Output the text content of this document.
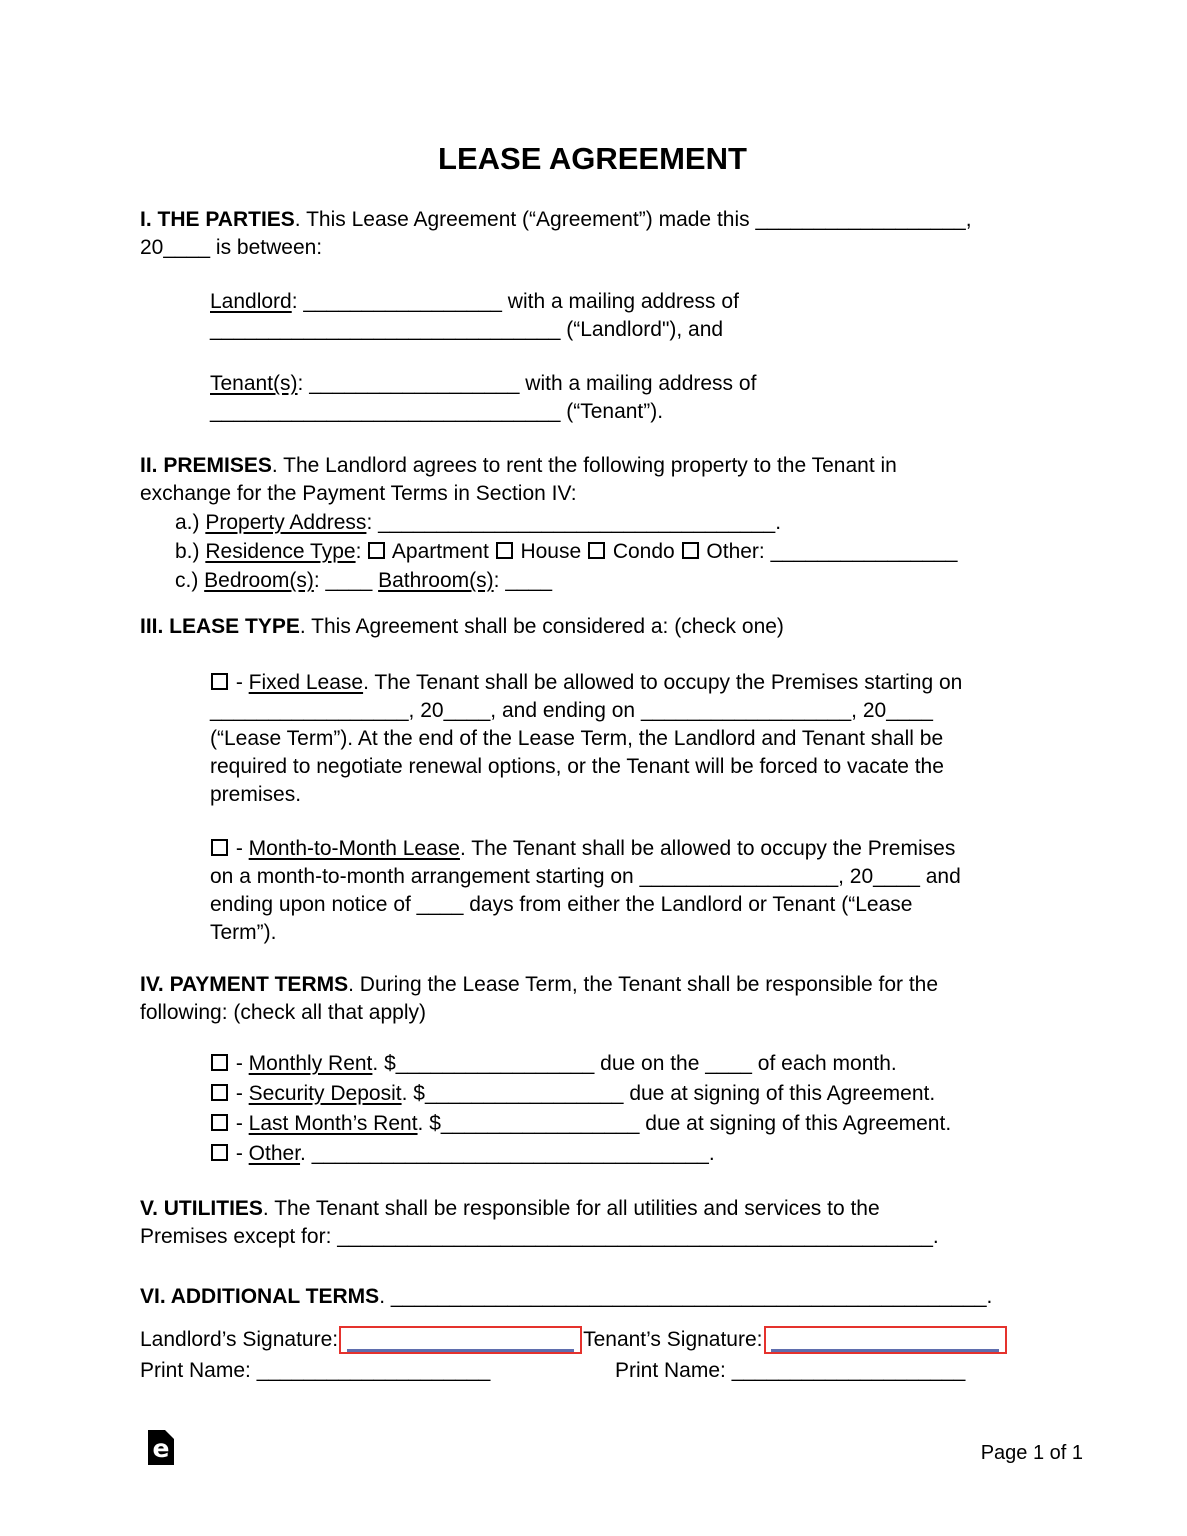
LEASE AGREEMENT
I. THE PARTIES. This Lease Agreement (“Agreement”) made this __________________,
20____ is between:
Landlord: _________________ with a mailing address of
______________________________ (“Landlord"), and
Tenant(s): __________________ with a mailing address of
______________________________ (“Tenant”).
II. PREMISES. The Landlord agrees to rent the following property to the Tenant in
exchange for the Payment Terms in Section IV:
a.) Property Address: __________________________________.
b.) Residence Type:  Apartment  House  Condo  Other: ________________
c.) Bedroom(s): ____ Bathroom(s): ____
III. LEASE TYPE. This Agreement shall be considered a: (check one)
- Fixed Lease. The Tenant shall be allowed to occupy the Premises starting on
_________________, 20____, and ending on __________________, 20____
(“Lease Term”). At the end of the Lease Term, the Landlord and Tenant shall be
required to negotiate renewal options, or the Tenant will be forced to vacate the
premises.
- Month-to-Month Lease. The Tenant shall be allowed to occupy the Premises
on a month-to-month arrangement starting on _________________, 20____ and
ending upon notice of ____ days from either the Landlord or Tenant (“Lease
Term”).
IV. PAYMENT TERMS. During the Lease Term, the Tenant shall be responsible for the
following: (check all that apply)
- Monthly Rent. $_________________ due on the ____ of each month.
- Security Deposit. $_________________ due at signing of this Agreement.
- Last Month’s Rent. $_________________ due at signing of this Agreement.
- Other. __________________________________.
V. UTILITIES. The Tenant shall be responsible for all utilities and services to the
Premises except for: ___________________________________________________.
VI. ADDITIONAL TERMS. ___________________________________________________.
Landlord’s Signature:	Tenant’s Signature:
Print Name: ____________________	Print Name: ____________________
e	Page 1 of 1
